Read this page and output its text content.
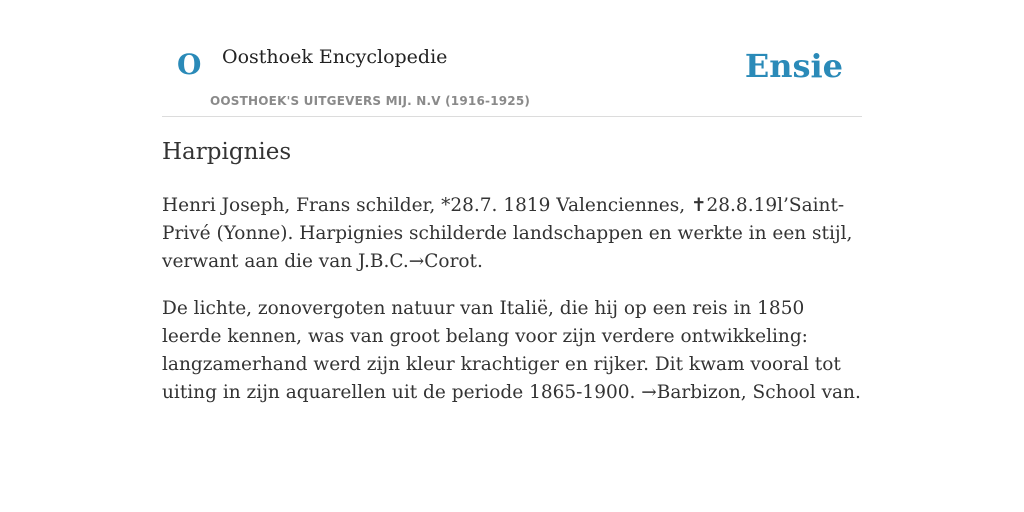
O Oosthoek Encyclopedie
OOSTHOEK'S UITGEVERS MIJ. N.V (1916-1925)
Ensie
Harpignies

Henri Joseph, Frans schilder, *28.7. 1819 Valenciennes, ✝28.8.19l’Saint-Privé (Yonne). Harpignies schilderde landschappen en werkte in een stijl, verwant aan die van J.B.C.→Corot.

De lichte, zonovergoten natuur van Italië, die hij op een reis in 1850 leerde kennen, was van groot belang voor zijn verdere ontwikkeling: langzamerhand werd zijn kleur krachtiger en rijker. Dit kwam vooral tot uiting in zijn aquarellen uit de periode 1865-1900. →Barbizon, School van.
